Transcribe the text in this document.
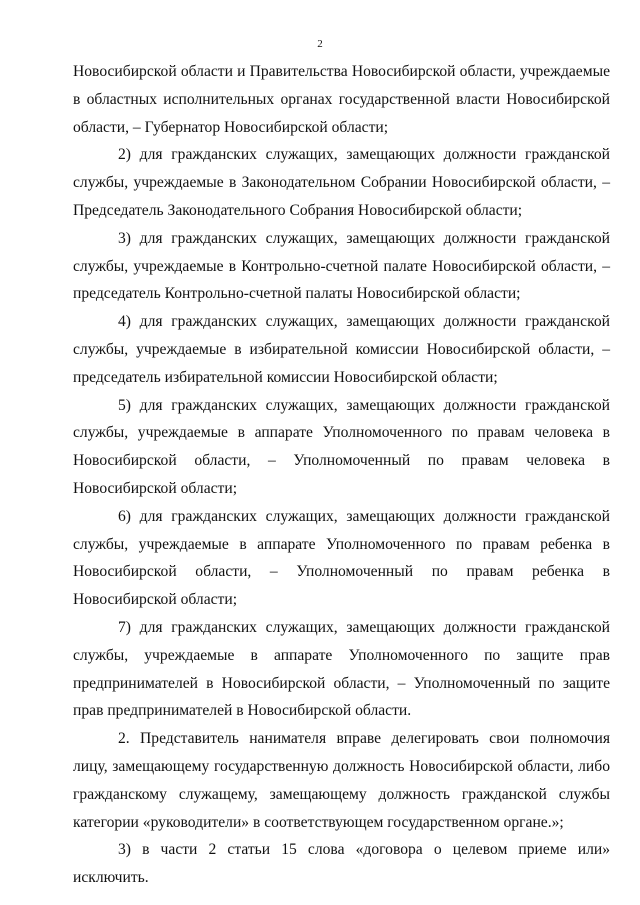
2

Новосибирской области и Правительства Новосибирской области, учреждаемые в областных исполнительных органах государственной власти Новосибирской области, – Губернатор Новосибирской области;

2) для гражданских служащих, замещающих должности гражданской службы, учреждаемые в Законодательном Собрании Новосибирской области, – Председатель Законодательного Собрания Новосибирской области;

3) для гражданских служащих, замещающих должности гражданской службы, учреждаемые в Контрольно-счетной палате Новосибирской области, – председатель Контрольно-счетной палаты Новосибирской области;

4) для гражданских служащих, замещающих должности гражданской службы, учреждаемые в избирательной комиссии Новосибирской области, – председатель избирательной комиссии Новосибирской области;

5) для гражданских служащих, замещающих должности гражданской службы, учреждаемые в аппарате Уполномоченного по правам человека в Новосибирской области, – Уполномоченный по правам человека в Новосибирской области;

6) для гражданских служащих, замещающих должности гражданской службы, учреждаемые в аппарате Уполномоченного по правам ребенка в Новосибирской области, – Уполномоченный по правам ребенка в Новосибирской области;

7) для гражданских служащих, замещающих должности гражданской службы, учреждаемые в аппарате Уполномоченного по защите прав предпринимателей в Новосибирской области, – Уполномоченный по защите прав предпринимателей в Новосибирской области.

2. Представитель нанимателя вправе делегировать свои полномочия лицу, замещающему государственную должность Новосибирской области, либо гражданскому служащему, замещающему должность гражданской службы категории «руководители» в соответствующем государственном органе.»;

3) в части 2 статьи 15 слова «договора о целевом приеме или» исключить.
